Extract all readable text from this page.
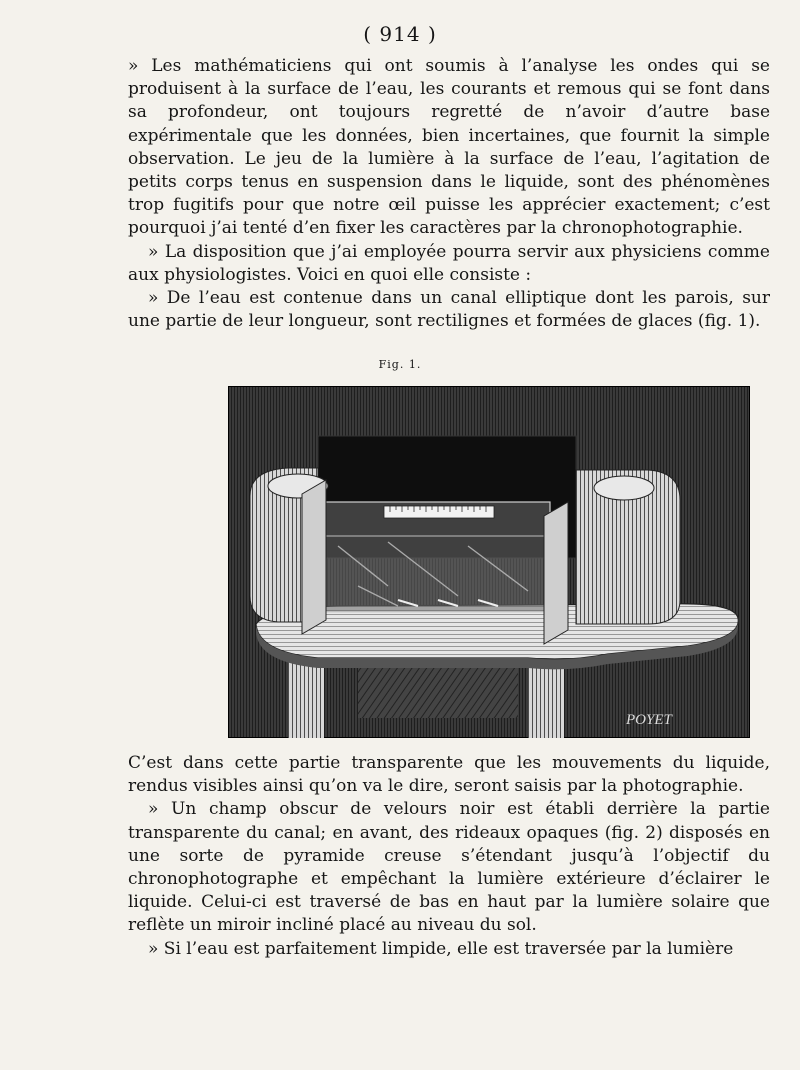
( 914 )

» Les mathématiciens qui ont soumis à l’analyse les ondes qui se produisent à la surface de l’eau, les courants et remous qui se font dans sa profondeur, ont toujours regretté de n’avoir d’autre base expérimentale que les données, bien incertaines, que fournit la simple observation. Le jeu de la lumière à la surface de l’eau, l’agitation de petits corps tenus en suspension dans le liquide, sont des phénomènes trop fugitifs pour que notre œil puisse les apprécier exactement; c’est pourquoi j’ai tenté d’en fixer les caractères par la chronophotographie.

» La disposition que j’ai employée pourra servir aux physiciens comme aux physiologistes. Voici en quoi elle consiste :

» De l’eau est contenue dans un canal elliptique dont les parois, sur une partie de leur longueur, sont rectilignes et formées de glaces (fig. 1).

Fig. 1.
POYET

C’est dans cette partie transparente que les mouvements du liquide, rendus visibles ainsi qu’on va le dire, seront saisis par la photographie.

» Un champ obscur de velours noir est établi derrière la partie transparente du canal; en avant, des rideaux opaques (fig. 2) disposés en une sorte de pyramide creuse s’étendant jusqu’à l’objectif du chronophotographe et empêchant la lumière extérieure d’éclairer le liquide. Celui-ci est traversé de bas en haut par la lumière solaire que reflète un miroir incliné placé au niveau du sol.

» Si l’eau est parfaitement limpide, elle est traversée par la lumière
